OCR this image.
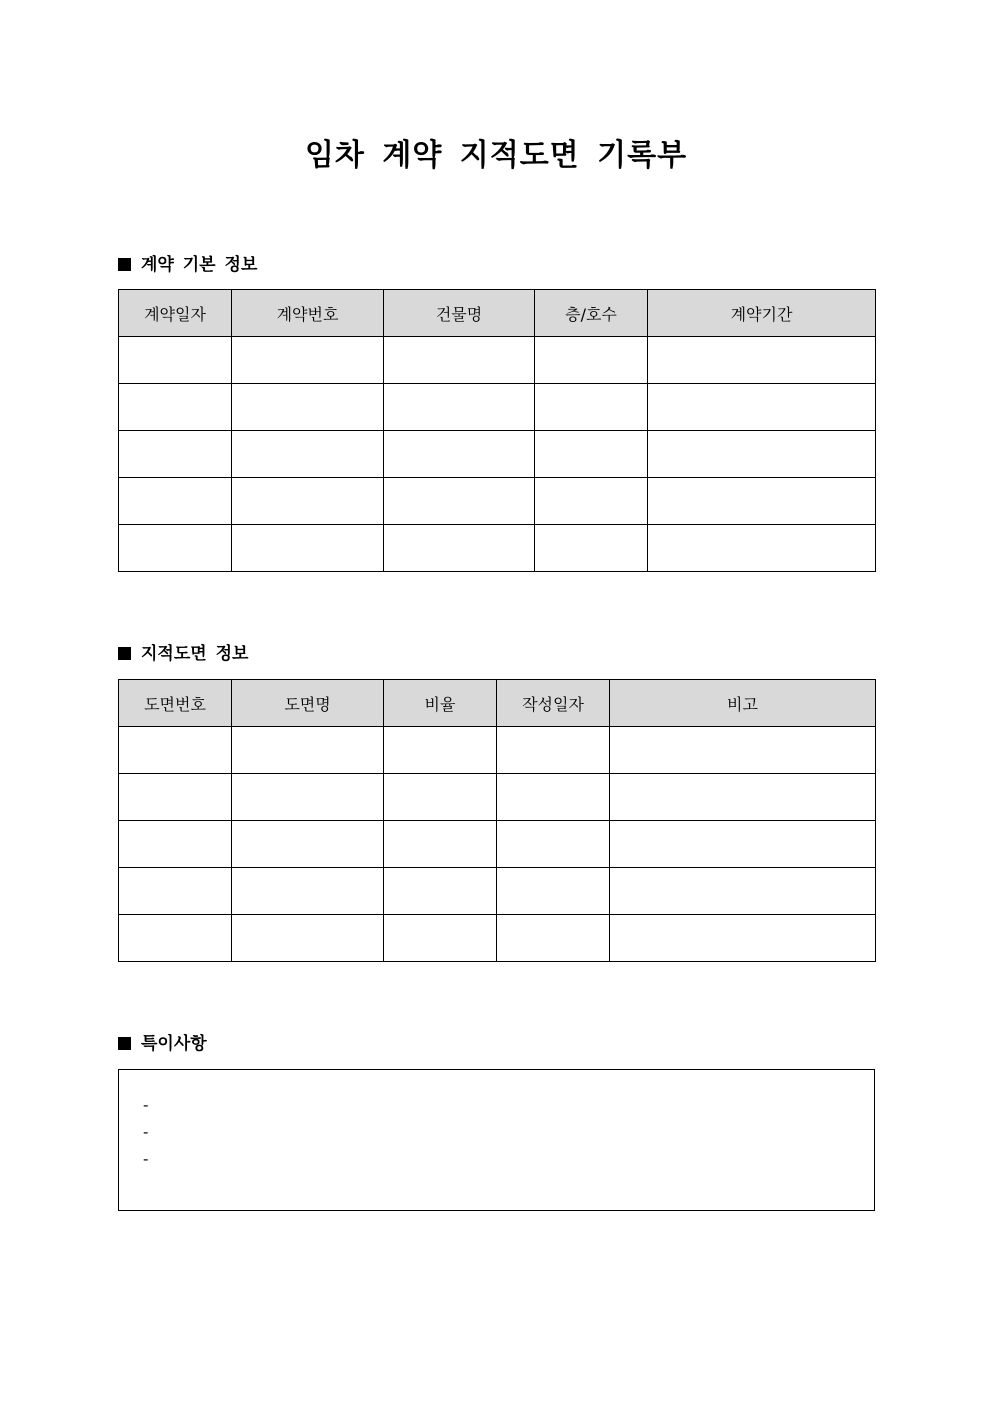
임차 계약 지적도면 기록부
계약 기본 정보
계약일자	계약번호	건물명	층/호수	계약기간

지적도면 정보
도면번호	도면명	비율	작성일자	비고

특이사항
-
-
-
